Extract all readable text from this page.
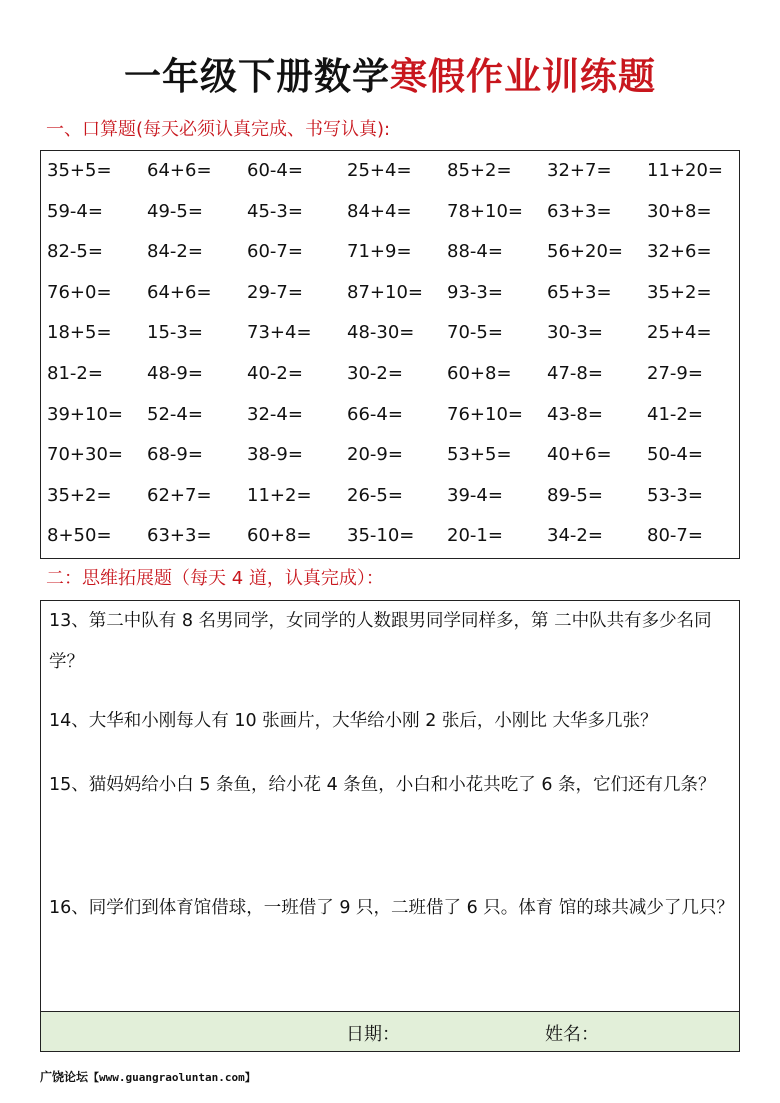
一年级下册数学寒假作业训练题
一、口算题(每天必须认真完成、书写认真):
35+5=	64+6=	60-4=	25+4=	85+2=	32+7=	11+20=
59-4=	49-5=	45-3=	84+4=	78+10=	63+3=	30+8=
82-5=	84-2=	60-7=	71+9=	88-4=	56+20=	32+6=
76+0=	64+6=	29-7=	87+10=	93-3=	65+3=	35+2=
18+5=	15-3=	73+4=	48-30=	70-5=	30-3=	25+4=
81-2=	48-9=	40-2=	30-2=	60+8=	47-8=	27-9=
39+10=	52-4=	32-4=	66-4=	76+10=	43-8=	41-2=
70+30=	68-9=	38-9=	20-9=	53+5=	40+6=	50-4=
35+2=	62+7=	11+2=	26-5=	39-4=	89-5=	53-3=
8+50=	63+3=	60+8=	35-10=	20-1=	34-2=	80-7=
二：思维拓展题（每天 4 道，认真完成）：
13、第二中队有 8 名男同学，女同学的人数跟男同学同样多，第 二中队共有多少名同学？
14、大华和小刚每人有 10 张画片，大华给小刚 2 张后，小刚比 大华多几张？
15、猫妈妈给小白 5 条鱼，给小花 4 条鱼，小白和小花共吃了 6 条，它们还有几条？
16、同学们到体育馆借球，一班借了 9 只，二班借了 6 只。体育 馆的球共减少了几只？
日期：	姓名：
广饶论坛【www.guangraoluntan.com】
